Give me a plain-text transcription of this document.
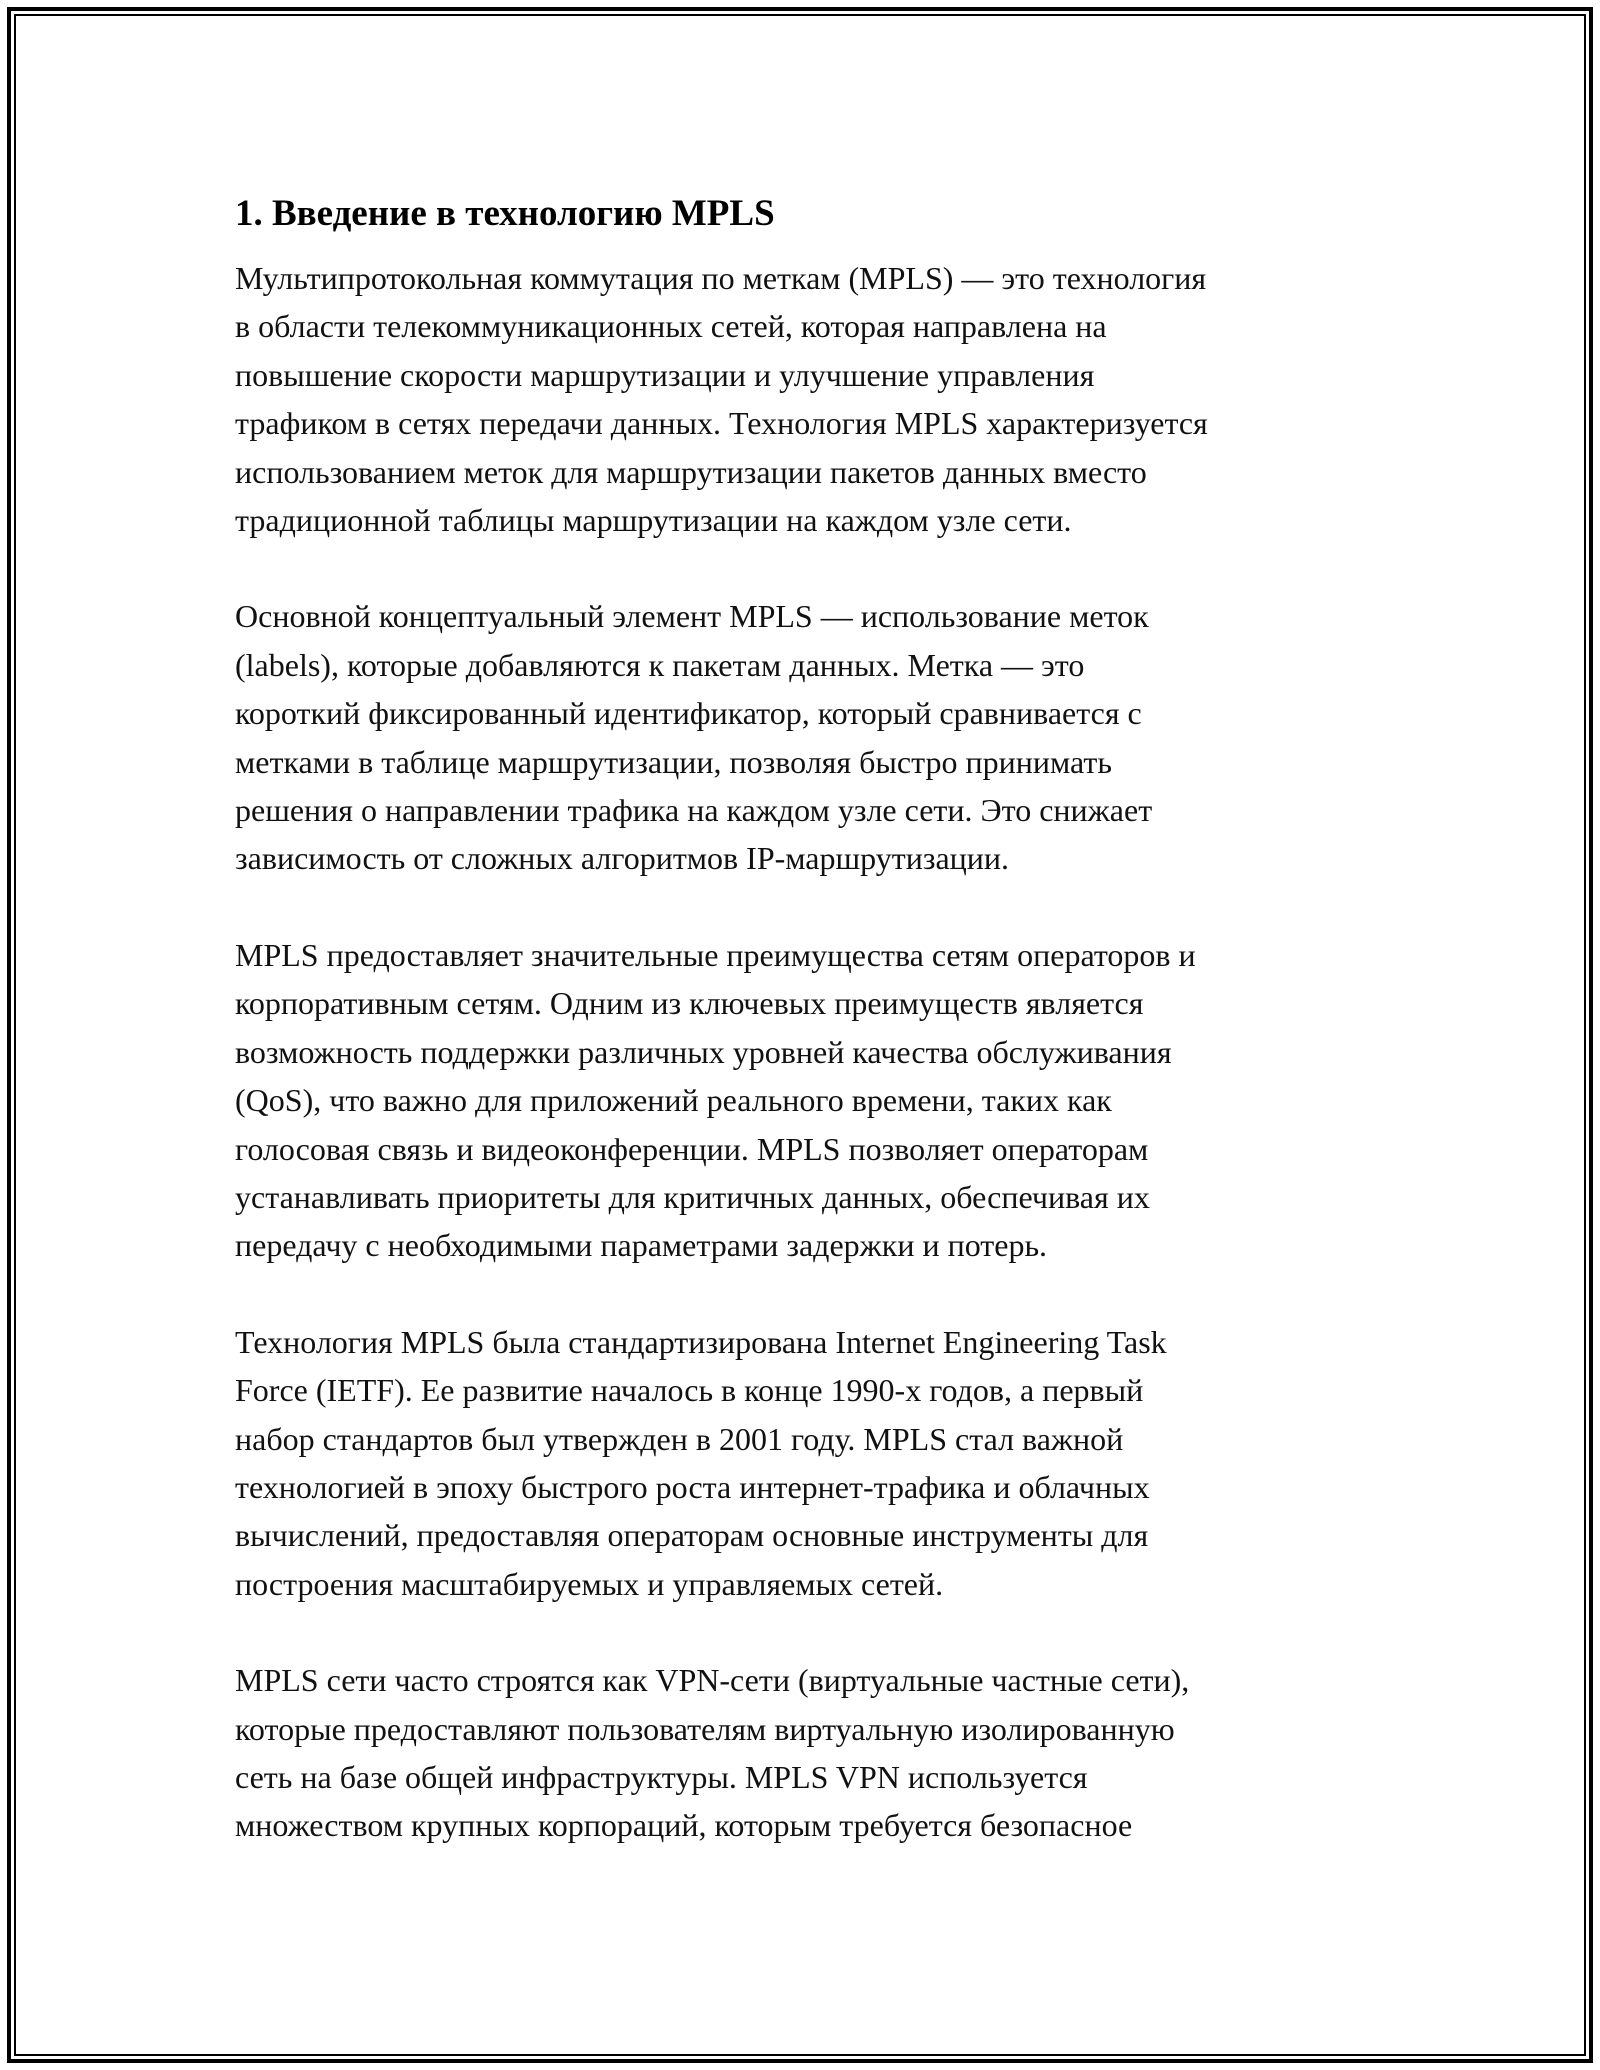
1. Введение в технологию MPLS

Мультипротокольная коммутация по меткам (MPLS) — это технология
в области телекоммуникационных сетей, которая направлена на
повышение скорости маршрутизации и улучшение управления
трафиком в сетях передачи данных. Технология MPLS характеризуется
использованием меток для маршрутизации пакетов данных вместо
традиционной таблицы маршрутизации на каждом узле сети.

Основной концептуальный элемент MPLS — использование меток
(labels), которые добавляются к пакетам данных. Метка — это
короткий фиксированный идентификатор, который сравнивается с
метками в таблице маршрутизации, позволяя быстро принимать
решения о направлении трафика на каждом узле сети. Это снижает
зависимость от сложных алгоритмов IP-маршрутизации.

MPLS предоставляет значительные преимущества сетям операторов и
корпоративным сетям. Одним из ключевых преимуществ является
возможность поддержки различных уровней качества обслуживания
(QoS), что важно для приложений реального времени, таких как
голосовая связь и видеоконференции. MPLS позволяет операторам
устанавливать приоритеты для критичных данных, обеспечивая их
передачу с необходимыми параметрами задержки и потерь.

Технология MPLS была стандартизирована Internet Engineering Task
Force (IETF). Ее развитие началось в конце 1990-х годов, а первый
набор стандартов был утвержден в 2001 году. MPLS стал важной
технологией в эпоху быстрого роста интернет-трафика и облачных
вычислений, предоставляя операторам основные инструменты для
построения масштабируемых и управляемых сетей.

MPLS сети часто строятся как VPN-сети (виртуальные частные сети),
которые предоставляют пользователям виртуальную изолированную
сеть на базе общей инфраструктуры. MPLS VPN используется
множеством крупных корпораций, которым требуется безопасное
